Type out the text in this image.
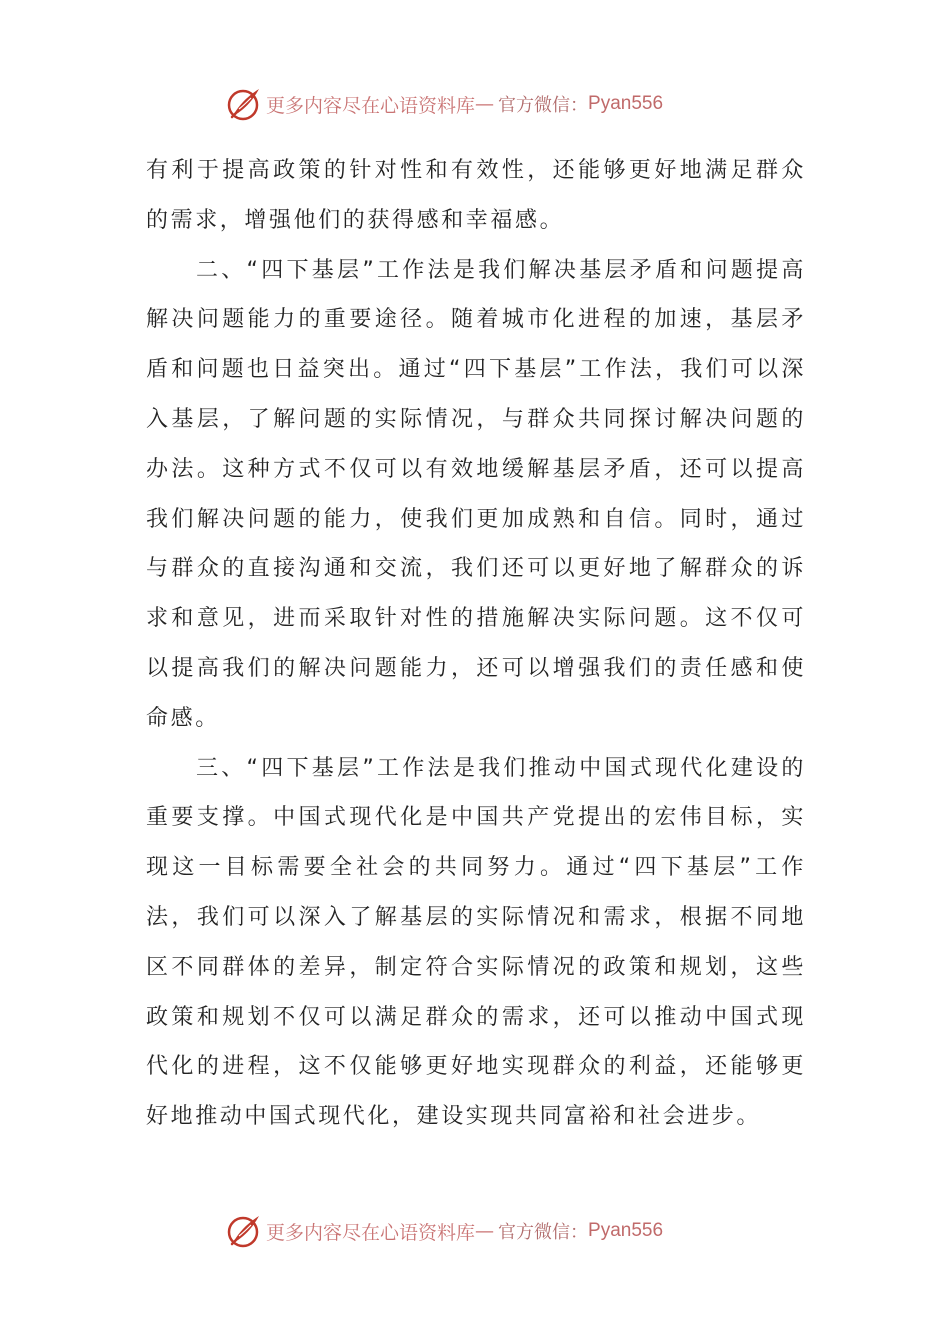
更多内容尽在心语资料库 — 官方微信： Pyan556

有利于提高政策的针对性和有效性，还能够更好地满足群众的需求，增强他们的获得感和幸福感。

二、“四下基层”工作法是我们解决基层矛盾和问题提高解决问题能力的重要途径。随着城市化进程的加速，基层矛盾和问题也日益突出。通过“四下基层”工作法，我们可以深入基层，了解问题的实际情况，与群众共同探讨解决问题的办法。这种方式不仅可以有效地缓解基层矛盾，还可以提高我们解决问题的能力，使我们更加成熟和自信。同时，通过与群众的直接沟通和交流，我们还可以更好地了解群众的诉求和意见，进而采取针对性的措施解决实际问题。这不仅可以提高我们的解决问题能力，还可以增强我们的责任感和使命感。

三、“四下基层”工作法是我们推动中国式现代化建设的重要支撑。中国式现代化是中国共产党提出的宏伟目标，实现这一目标需要全社会的共同努力。通过“四下基层”工作法，我们可以深入了解基层的实际情况和需求，根据不同地区不同群体的差异，制定符合实际情况的政策和规划，这些政策和规划不仅可以满足群众的需求，还可以推动中国式现代化的进程，这不仅能够更好地实现群众的利益，还能够更好地推动中国式现代化，建设实现共同富裕和社会进步。

更多内容尽在心语资料库 — 官方微信： Pyan556
